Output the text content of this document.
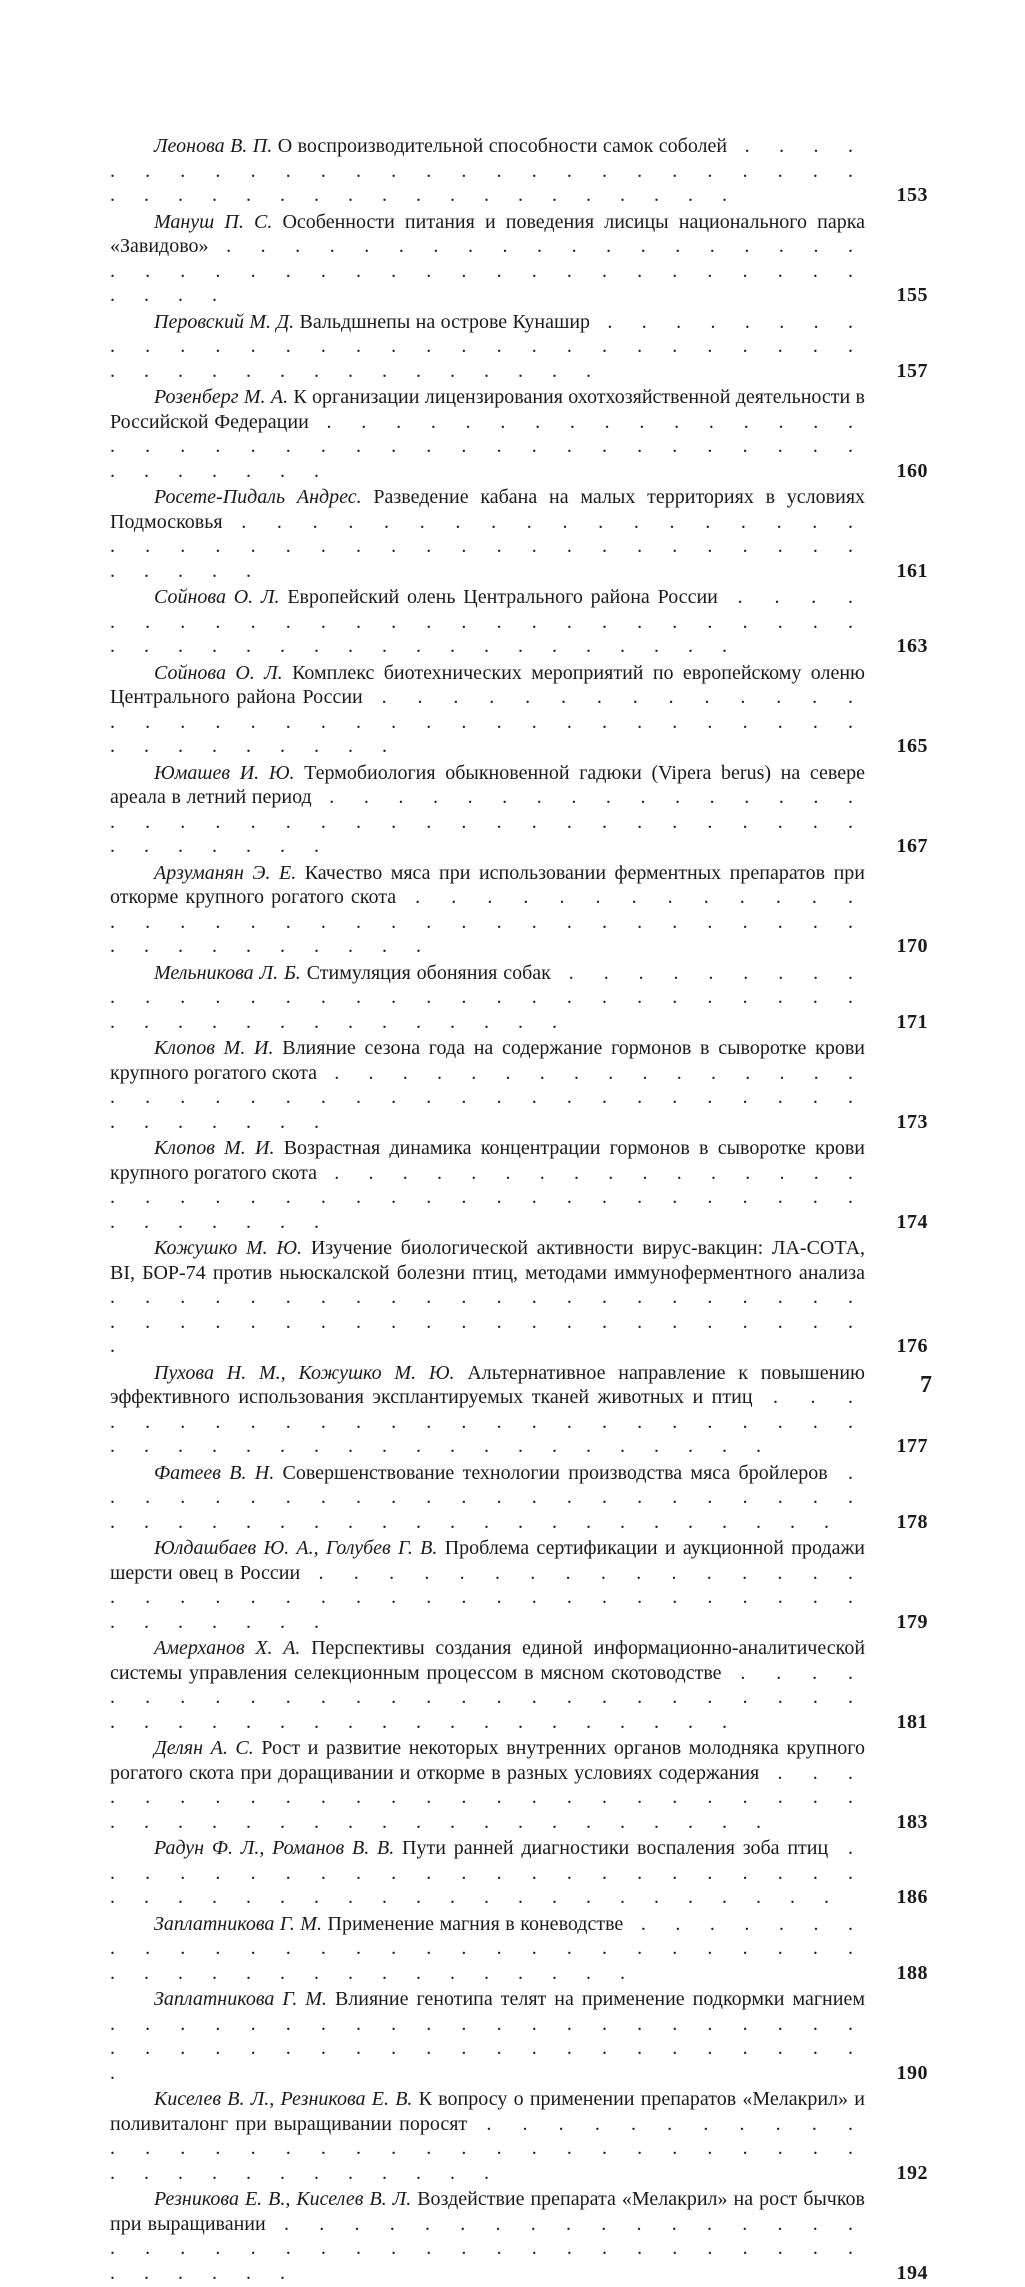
Леонова В. П. О воспроизводительной способности самок соболей . . .
153
Мануш П. С. Особенности питания и поведения лисицы национального парка «Завидово» . . .
155
Перовский М. Д. Вальдшнепы на острове Кунашир . . .
157
Розенберг М. А. К организации лицензирования охотхозяйственной деятельности в Российской Федерации . . .
160
Росете-Пидаль Андрес. Разведение кабана на малых территориях в условиях Подмосковья . . .
161
Сойнова О. Л. Европейский олень Центрального района России . . .
163
Сойнова О. Л. Комплекс биотехнических мероприятий по европейскому оленю Центрального района России . . .
165
Юмашев И. Ю. Термобиология обыкновенной гадюки (Vipera berus) на севере ареала в летний период . . .
167
Арзуманян Э. Е. Качество мяса при использовании ферментных препаратов при откорме крупного рогатого скота . . .
170
Мельникова Л. Б. Стимуляция обоняния собак . . .
171
Клопов М. И. Влияние сезона года на содержание гормонов в сыворотке крови крупного рогатого скота . . .
173
Клопов М. И. Возрастная динамика концентрации гормонов в сыворотке крови крупного рогатого скота . . .
174
Кожушко М. Ю. Изучение биологической активности вирус-вакцин: ЛА-СОТА, BI, БОР-74 против ньюскалской болезни птиц, методами иммуноферментного анализа . . .
176
Пухова Н. М., Кожушко М. Ю. Альтернативное направление к повышению эффективного использования эксплантируемых тканей животных и птиц . . .
177
Фатеев В. Н. Совершенствование технологии производства мяса бройлеров . . .
178
Юлдашбаев Ю. А., Голубев Г. В. Проблема сертификации и аукционной продажи шерсти овец в России . . .
179
Амерханов Х. А. Перспективы создания единой информационно-аналитической системы управления селекционным процессом в мясном скотоводстве . . .
181
Делян А. С. Рост и развитие некоторых внутренних органов молодняка крупного рогатого скота при доращивании и откорме в разных условиях содержания . . .
183
Радун Ф. Л., Романов В. В. Пути ранней диагностики воспаления зоба птиц . . .
186
Заплатникова Г. М. Применение магния в коневодстве . . .
188
Заплатникова Г. М. Влияние генотипа телят на применение подкормки магнием . . .
190
Киселев В. Л., Резникова Е. В. К вопросу о применении препаратов «Мелакрил» и поливиталонг при выращивании поросят . . .
192
Резникова Е. В., Киселев В. Л. Воздействие препарата «Мелакрил» на рост бычков при выращивании . . .
194
7
